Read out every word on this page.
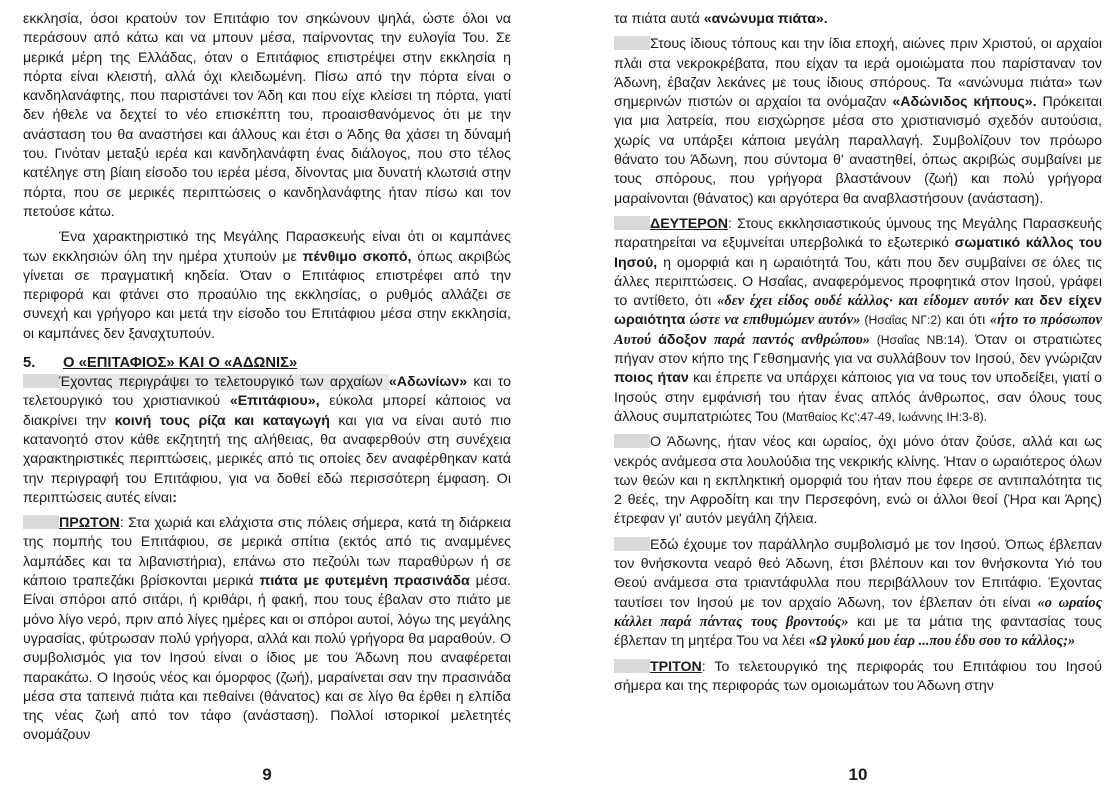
εκκλησία, όσοι κρατούν τον Επιτάφιο τον σηκώνουν ψηλά, ώστε όλοι να περάσουν από κάτω και να μπουν μέσα, παίρνοντας την ευλογία Του. Σε μερικά μέρη της Ελλάδας, όταν ο Επιτάφιος επιστρέψει στην εκκλησία η πόρτα είναι κλειστή, αλλά όχι κλειδωμένη. Πίσω από την πόρτα είναι ο κανδηλανάφτης, που παριστάνει τον Άδη και που είχε κλείσει τη πόρτα, γιατί δεν ήθελε να δεχτεί το νέο επισκέπτη του, προαισθανόμενος ότι με την ανάσταση του θα αναστήσει και άλλους και έτσι ο Άδης θα χάσει τη δύναμή του. Γινόταν μεταξύ ιερέα και κανδηλανάφτη ένας διάλογος, που στο τέλος κατέληγε στη βίαιη είσοδο του ιερέα μέσα, δίνοντας μια δυνατή κλωτσιά στην πόρτα, που σε μερικές περιπτώσεις ο κανδηλανάφτης ήταν πίσω και τον πετούσε κάτω.

Ένα χαρακτηριστικό της Μεγάλης Παρασκευής είναι ότι οι καμπάνες των εκκλησιών όλη την ημέρα χτυπούν με πένθιμο σκοπό, όπως ακριβώς γίνεται σε πραγματική κηδεία. Όταν ο Επιτάφιος επιστρέφει από την περιφορά και φτάνει στο προαύλιο της εκκλησίας, ο ρυθμός αλλάζει σε συνεχή και γρήγορο και μετά την είσοδο του Επιτάφιου μέσα στην εκκλησία, οι καμπάνες δεν ξαναχτυπούν.

5.	Ο «ΕΠΙΤΑΦΙΟΣ» ΚΑΙ Ο «ΑΔΩΝΙΣ»

Έχοντας περιγράψει το τελετουργικό των αρχαίων «Αδωνίων» και το τελετουργικό του χριστιανικού «Επιτάφιου», εύκολα μπορεί κάποιος να διακρίνει την κοινή τους ρίζα και καταγωγή και για να είναι αυτό πιο κατανοητό στον κάθε εκζητητή της αλήθειας, θα αναφερθούν στη συνέχεια χαρακτηριστικές περιπτώσεις, μερικές από τις οποίες δεν αναφέρθηκαν κατά την περιγραφή του Επιτάφιου, για να δοθεί εδώ περισσότερη έμφαση. Οι περιπτώσεις αυτές είναι:

ΠΡΩΤΟΝ: Στα χωριά και ελάχιστα στις πόλεις σήμερα, κατά τη διάρκεια της πομπής του Επιτάφιου, σε μερικά σπίτια (εκτός από τις αναμμένες λαμπάδες και τα λιβανιστήρια), επάνω στο πεζούλι των παραθύρων ή σε κάποιο τραπεζάκι βρίσκονται μερικά πιάτα με φυτεμένη πρασινάδα μέσα. Είναι σπόροι από σιτάρι, ή κριθάρι, ή φακή, που τους έβαλαν στο πιάτο με μόνο λίγο νερό, πριν από λίγες ημέρες και οι σπόροι αυτοί, λόγω της μεγάλης υγρασίας, φύτρωσαν πολύ γρήγορα, αλλά και πολύ γρήγορα θα μαραθούν. Ο συμβολισμός για τον Ιησού είναι ο ίδιος με του Άδωνη που αναφέρεται παρακάτω. Ο Ιησούς νέος και όμορφος (ζωή), μαραίνεται σαν την πρασινάδα μέσα στα ταπεινά πιάτα και πεθαίνει (θάνατος) και σε λίγο θα έρθει η ελπίδα της νέας ζωή από τον τάφο (ανάσταση). Πολλοί ιστορικοί μελετητές ονομάζουν

9

τα πιάτα αυτά «ανώνυμα πιάτα».

Στους ίδιους τόπους και την ίδια εποχή, αιώνες πριν Χριστού, οι αρχαίοι πλάι στα νεκροκρέβατα, που είχαν τα ιερά ομοιώματα που παρίσταναν τον Άδωνη, έβαζαν λεκάνες με τους ίδιους σπόρους. Τα «ανώνυμα πιάτα» των σημερινών πιστών οι αρχαίοι τα ονόμαζαν «Αδώνιδος κήπους». Πρόκειται για μια λατρεία, που εισχώρησε μέσα στο χριστιανισμό σχεδόν αυτούσια, χωρίς να υπάρξει κάποια μεγάλη παραλλαγή. Συμβολίζουν τον πρόωρο θάνατο του Άδωνη, που σύντομα θ' αναστηθεί, όπως ακριβώς συμβαίνει με τους σπόρους, που γρήγορα βλαστάνουν (ζωή) και πολύ γρήγορα μαραίνονται (θάνατος) και αργότερα θα αναβλαστήσουν (ανάσταση).

ΔΕΥΤΕΡΟΝ: Στους εκκλησιαστικούς ύμνους της Μεγάλης Παρασκευής παρατηρείται να εξυμνείται υπερβολικά το εξωτερικό σωματικό κάλλος του Ιησού, η ομορφιά και η ωραιότητά Του, κάτι που δεν συμβαίνει σε όλες τις άλλες περιπτώσεις. Ο Ησαΐας, αναφερόμενος προφητικά στον Ιησού, γράφει το αντίθετο, ότι «δεν έχει είδος ουδέ κάλλος· και είδομεν αυτόν και δεν είχεν ωραιότητα ώστε να επιθυμώμεν αυτόν» (Ησαΐας ΝΓ:2) και ότι «ήτο το πρόσωπον Αυτού άδοξον παρά παντός ανθρώπου» (Ησαΐας ΝΒ:14). Όταν οι στρατιώτες πήγαν στον κήπο της Γεθσημανής για να συλλάβουν τον Ιησού, δεν γνώριζαν ποιος ήταν και έπρεπε να υπάρχει κάποιος για να τους τον υποδείξει, γιατί ο Ιησούς στην εμφάνισή του ήταν ένας απλός άνθρωπος, σαν όλους τους άλλους συμπατριώτες Του (Ματθαίος Κς':47-49, Ιωάννης ΙΗ:3-8).

Ο Άδωνης, ήταν νέος και ωραίος, όχι μόνο όταν ζούσε, αλλά και ως νεκρός ανάμεσα στα λουλούδια της νεκρικής κλίνης. Ήταν ο ωραιότερος όλων των θεών και η εκπληκτική ομορφιά του ήταν που έφερε σε αντιπαλότητα τις 2 θεές, την Αφροδίτη και την Περσεφόνη, ενώ οι άλλοι θεοί (Ήρα και Άρης) έτρεφαν γι' αυτόν μεγάλη ζήλεια.

Εδώ έχουμε τον παράλληλο συμβολισμό με τον Ιησού. Όπως έβλεπαν τον θνήσκοντα νεαρό θεό Άδωνη, έτσι βλέπουν και τον θνήσκοντα Υιό του Θεού ανάμεσα στα τριαντάφυλλα που περιβάλλουν τον Επιτάφιο. Έχοντας ταυτίσει τον Ιησού με τον αρχαίο Άδωνη, τον έβλεπαν ότι είναι «ο ωραίος κάλλει παρά πάντας τους βροντούς» και με τα μάτια της φαντασίας τους έβλεπαν τη μητέρα Του να λέει «Ω γλυκύ μου έαρ ...που έδυ σου το κάλλος;»

ΤΡΙΤΟΝ: Το τελετουργικό της περιφοράς του Επιτάφιου του Ιησού σήμερα και της περιφοράς των ομοιωμάτων του Άδωνη στην

10
